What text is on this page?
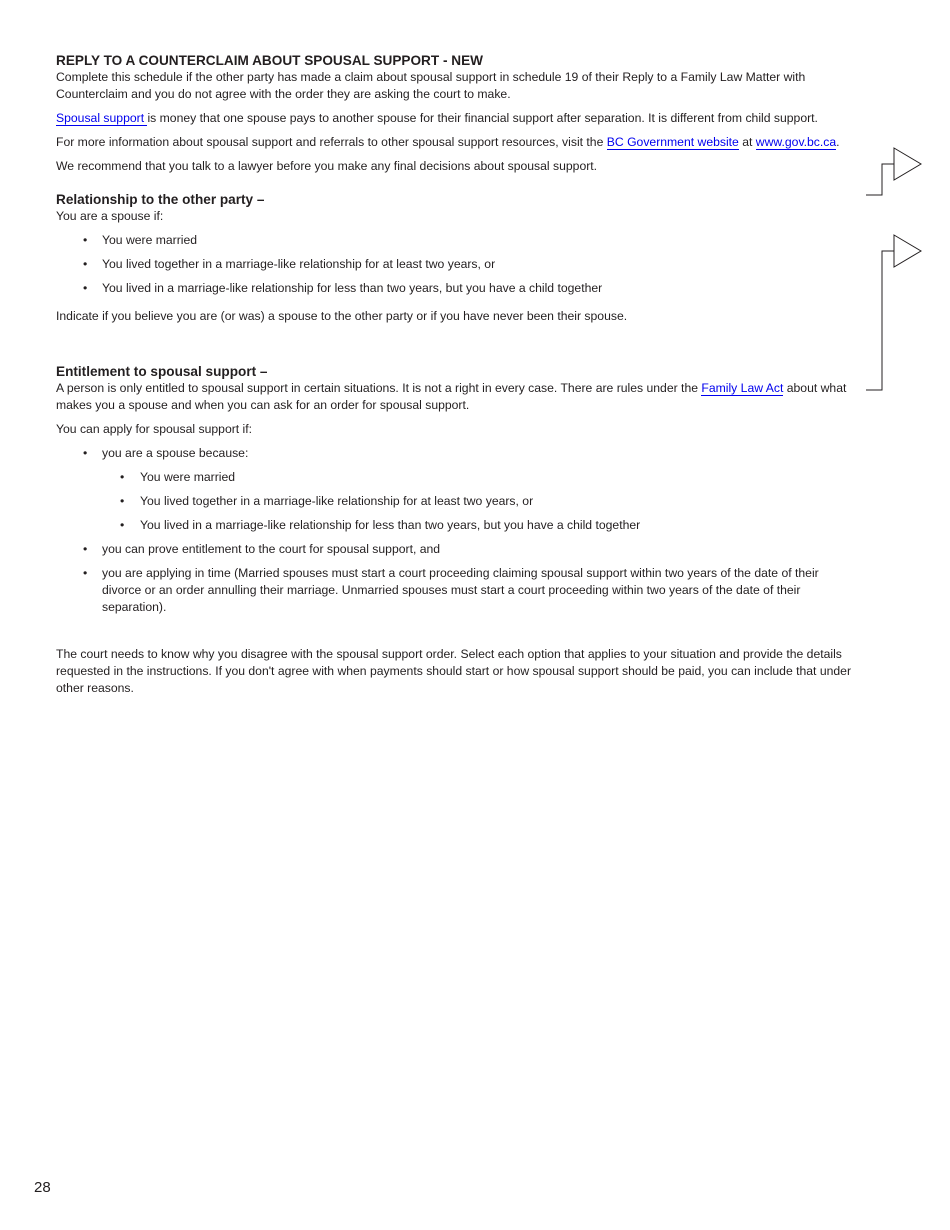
REPLY TO A COUNTERCLAIM ABOUT SPOUSAL SUPPORT - NEW

Complete this schedule if the other party has made a claim about spousal support in schedule 19 of their Reply to a Family Law Matter with Counterclaim and you do not agree with the order they are asking the court to make.

Spousal support is money that one spouse pays to another spouse for their financial support after separation. It is different from child support.

For more information about spousal support and referrals to other spousal support resources, visit the BC Government website at www.gov.bc.ca.

We recommend that you talk to a lawyer before you make any final decisions about spousal support.

Relationship to the other party –

You are a spouse if:

• You were married
• You lived together in a marriage-like relationship for at least two years, or
• You lived in a marriage-like relationship for less than two years, but you have a child together

Indicate if you believe you are (or was) a spouse to the other party or if you have never been their spouse.

Entitlement to spousal support –

A person is only entitled to spousal support in certain situations. It is not a right in every case. There are rules under the Family Law Act about what makes you a spouse and when you can ask for an order for spousal support.

You can apply for spousal support if:

• you are a spouse because:
• You were married
• You lived together in a marriage-like relationship for at least two years, or
• You lived in a marriage-like relationship for less than two years, but you have a child together
• you can prove entitlement to the court for spousal support, and
• you are applying in time (Married spouses must start a court proceeding claiming spousal support within two years of the date of their divorce or an order annulling their marriage. Unmarried spouses must start a court proceeding within two years of the date of their separation).

The court needs to know why you disagree with the spousal support order. Select each option that applies to your situation and provide the details requested in the instructions. If you don't agree with when payments should start or how spousal support should be paid, you can include that under other reasons.

28
